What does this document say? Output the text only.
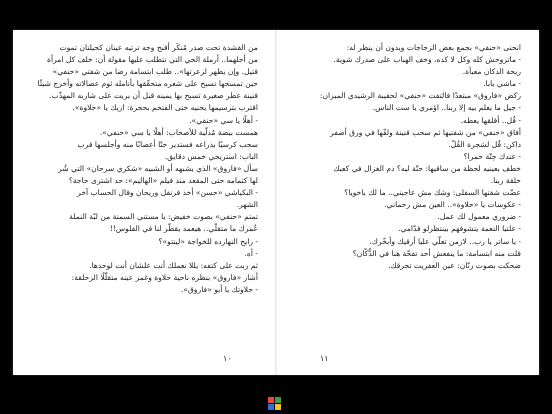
من القشدة تحت صدر مُنكَر أقبح وجه ترتيه عينان كحيلتان تموت
من أجلهما.. أرملة الحي التي تتطلب عليها مقولة أن: خلف كل امرأة
قتيل. وإن يظهر لزعرتها».. طلب ابتسامة رضا من شفتي «حنفي»
حين تمسحها تسبح على شعره متحقّقها بأنامله ثوم عصالاته وأخرج شيئًا
قنينة عطر صغيرة تسبح بها يمينه قبل أن يربت على شاربه المهذّب.
اقترب بترسيمها يحنيه حتى الفتحم بحجرة: ازيك يا «حلاوة».
- أهلًا يا سي «حنفي».
همست بيضة مُدلّية للأصحاب: أهلًا يا سي «حنفي».
سحب كرسيًا بذراعه فستدير حتًا أعصابًا منه وأجلسها قرب
الباب: استريحي خمس دقايق.
سأل «فاروق» الذي يشبهه أو الشبيه «شكري سرحان» التي شُر
لها كتمامه حتى المقعد منذ فيلم «الهاليم»: حد اشترى حاجة؟
- البكياشي «حسن» أخذ قرنفل وريحان وقال الحساب آخر
الشهر.
تمتم «حنفي» بصوت خفيض: يا مستني السمنة من لبّة النملة
عُمرك ما متقلّي.. هيعمد يقطّر لنا في الفلوس!!
- رايح النهارده للخواجة «لينتو»؟
- أه.
ثم ربت على كتفه: يللا نعملك أنت علشان أنت لوحدها.
أشار «فاروق» بنظره ناحية حلاوة وغمز عينه متقلّلًا الزحلقة:
- حلاوتك يا أبو «فاروق».
١٠
انحنى «حنفي» بجمع بعض الزجاجات ويدون أن ينظر له:
- ماتروحش كله وكل لا كده، وخف الهباب على صدرك شوية.
ريحة الدكان معبأة.
- ماشي بابا.
ركض «فاروق» مبتعدًا فالتفت «حنفي» لحقيبة الرشيدي الميزان:
- جيل ما يعلم بيه إلا ربنا.. اؤمري يا ست الناس.
- قُل.. أقلقها يعطه.
أفاق «حنفي» من شفتيها ثم سحب قنينة ولفّها في ورق أصفر
داكن: قُل لشجرة القُلّ.
- عندك حِتّة حمرا؟
خطف بعينيه لحظة من ساقيها: حتّة ليه؟ دم الغزال في كعبك
خلقة ربنا.
عضّت شفتها السفلى: وشك مش عاجبني.. ما لك ياخويا؟
- عكوسات يا «حلاوة».. العين مش رحماني.
- ضروري معمول لك عمل.
- علتيا النعمة يتشوفهم بينتظرلو قدّامي.
- يا ساتر يا رب.. لازمن تعلّي عليا أرقيك وأبخّرك.
قلت منه ابتسامة: ما ينفعش أحد تفحّة هنا في الدُّكّان؟
ضحكت بصوت رنّان: عين العفريت تحرقك.
١١
